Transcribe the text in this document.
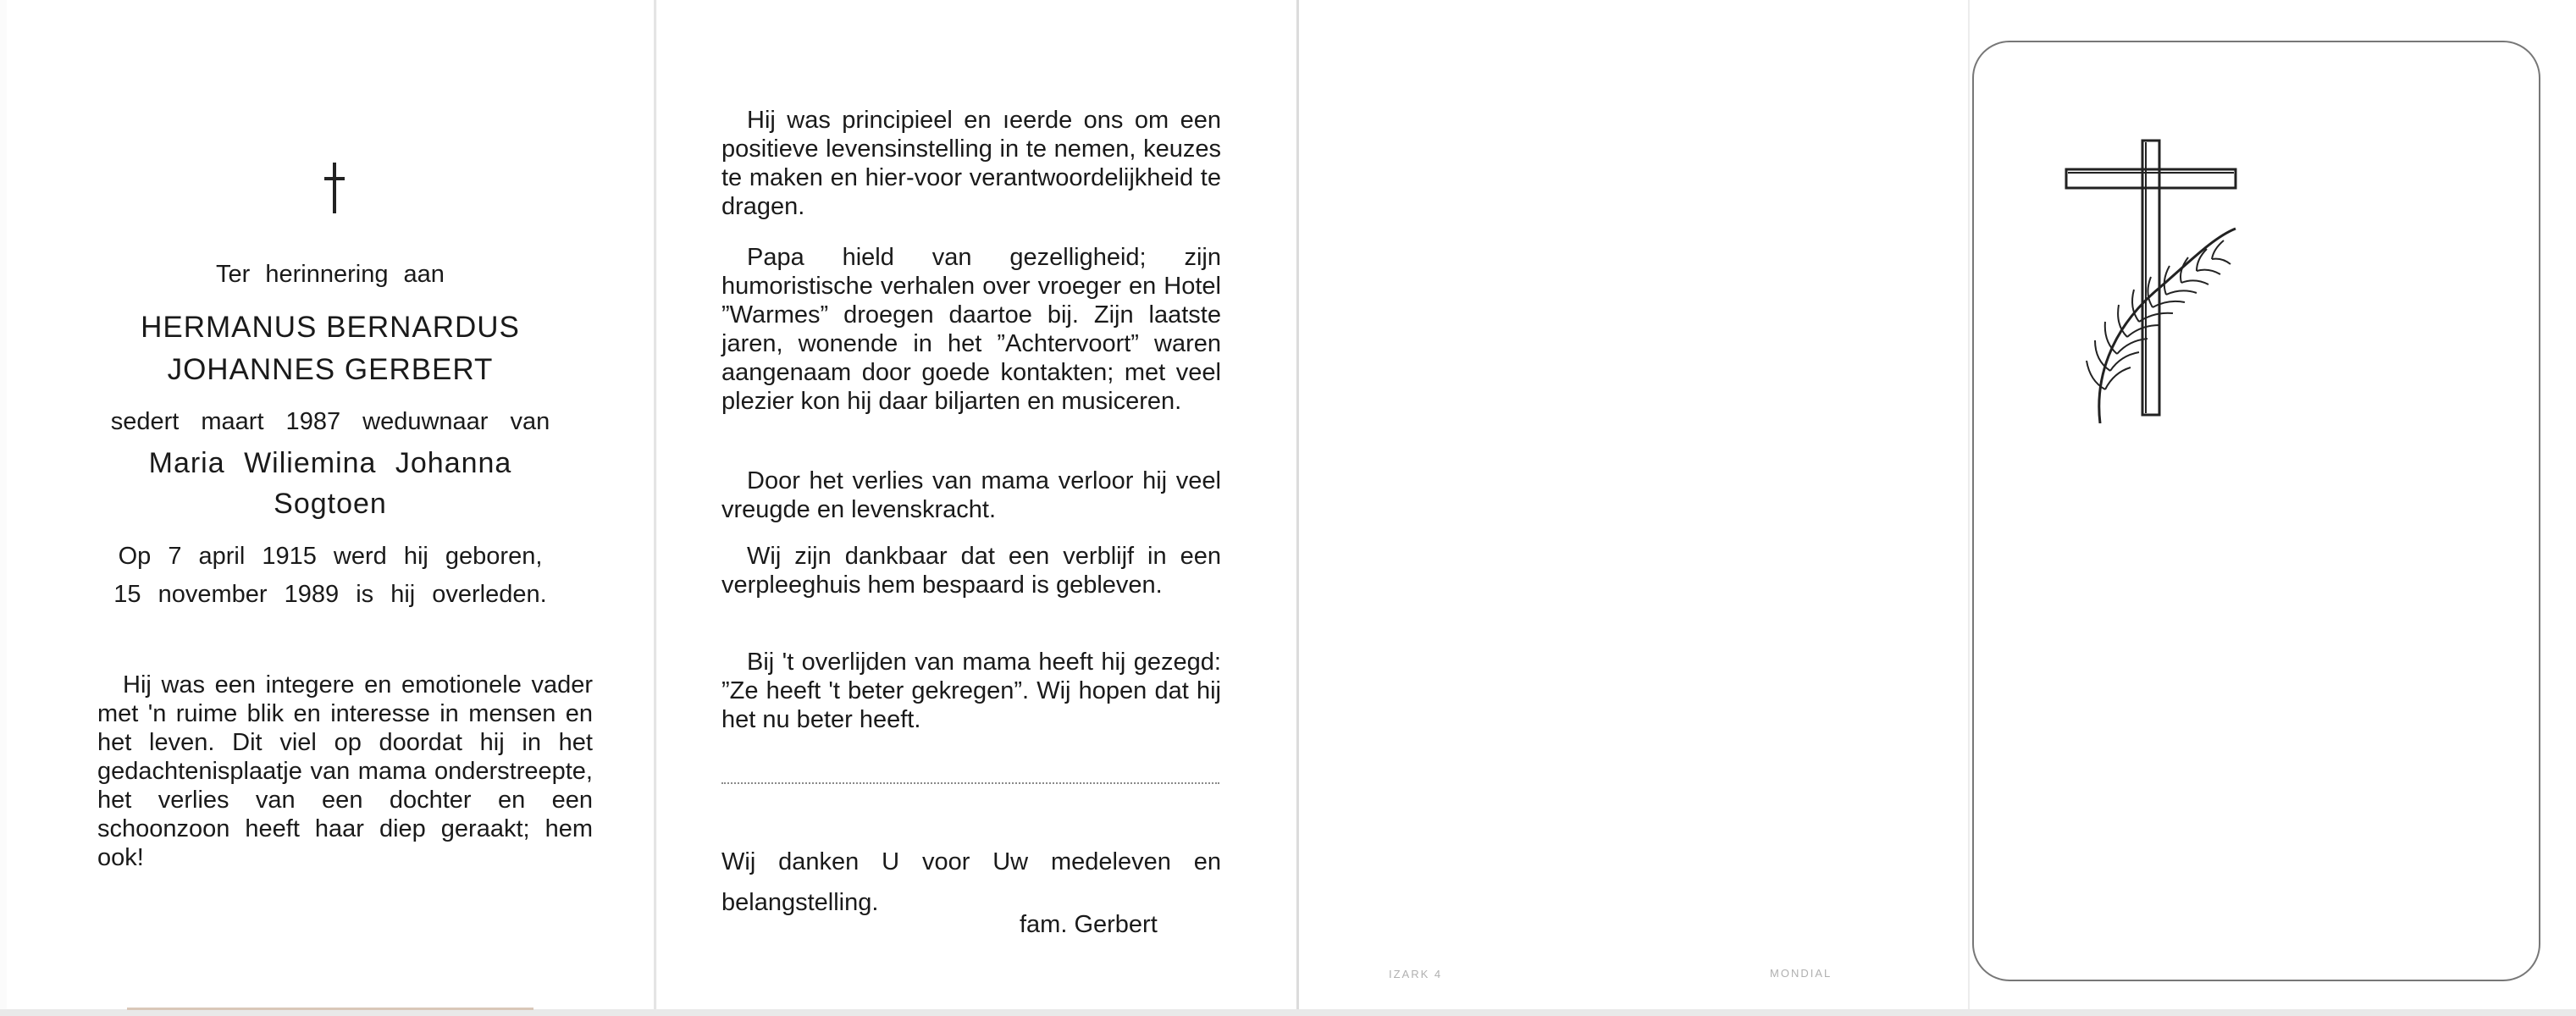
Ter herinnering aan
HERMANUS BERNARDUS
JOHANNES GERBERT
sedert maart 1987 weduwnaar van
Maria Wiliemina Johanna
Sogtoen
Op 7 april 1915 werd hij geboren,
15 november 1989 is hij overleden.
Hij was een integere en emotionele vader met 'n ruime blik en interesse in mensen en het leven. Dit viel op doordat hij in het gedachtenisplaatje van mama onderstreepte, het verlies van een dochter en een schoonzoon heeft haar diep geraakt; hem ook!

Hij was principieel en ıeerde ons om een positieve levensinstelling in te nemen, keuzes te maken en hier-voor verantwoordelijkheid te dragen.

Papa hield van gezelligheid; zijn humoristische verhalen over vroeger en Hotel ”Warmes” droegen daartoe bij. Zijn laatste jaren, wonende in het ”Achtervoort” waren aangenaam door goede kontakten; met veel plezier kon hij daar biljarten en musiceren.

Door het verlies van mama verloor hij veel vreugde en levenskracht.

Wij zijn dankbaar dat een verblijf in een verpleeghuis hem bespaard is gebleven.

Bij 't overlijden van mama heeft hij gezegd: ”Ze heeft 't beter gekregen”. Wij hopen dat hij het nu beter heeft.

Wij danken U voor Uw medeleven en belangstelling.

fam. Gerbert
IZARK 4	MONDIAL
